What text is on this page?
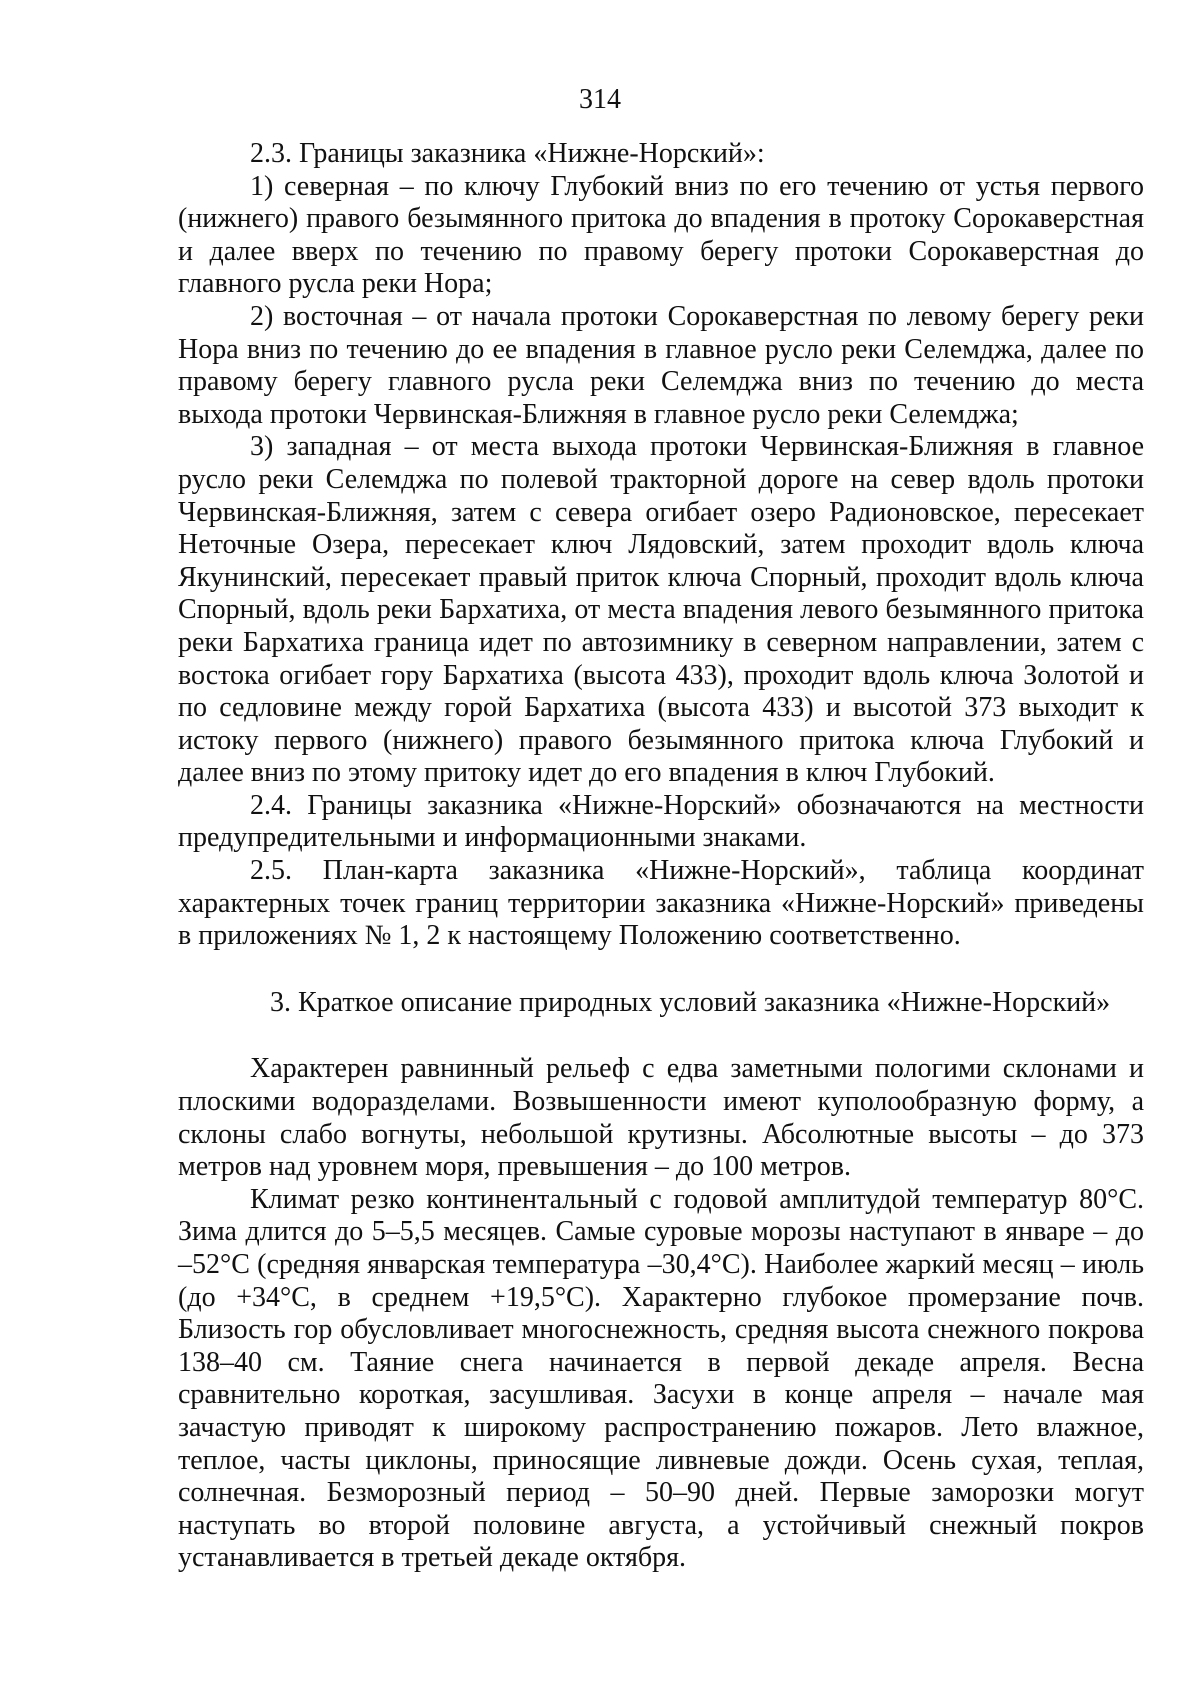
314

2.3. Границы заказника «Нижне-Норский»:

1) северная – по ключу Глубокий вниз по его течению от устья первого (нижнего) правого безымянного притока до впадения в протоку Сорокаверстная и далее вверх по течению по правому берегу протоки Сорокаверстная до главного русла реки Нора;

2) восточная – от начала протоки Сорокаверстная по левому берегу реки Нора вниз по течению до ее впадения в главное русло реки Селемджа, далее по правому берегу главного русла реки Селемджа вниз по течению до места выхода протоки Червинская-Ближняя в главное русло реки Селемджа;

3) западная – от места выхода протоки Червинская-Ближняя в главное русло реки Селемджа по полевой тракторной дороге на север вдоль протоки Червинская-Ближняя, затем с севера огибает озеро Радионовское, пересекает Неточные Озера, пересекает ключ Лядовский, затем проходит вдоль ключа Якунинский, пересекает правый приток ключа Спорный, проходит вдоль ключа Спорный, вдоль реки Бархатиха, от места впадения левого безымянного притока реки Бархатиха граница идет по автозимнику в северном направлении, затем с востока огибает гору Бархатиха (высота 433), проходит вдоль ключа Золотой и по седловине между горой Бархатиха (высота 433) и высотой 373 выходит к истоку первого (нижнего) правого безымянного притока ключа Глубокий и далее вниз по этому притоку идет до его впадения в ключ Глубокий.

2.4. Границы заказника «Нижне-Норский» обозначаются на местности предупредительными и информационными знаками.

2.5. План-карта заказника «Нижне-Норский», таблица координат характерных точек границ территории заказника «Нижне-Норский» приведены в приложениях № 1, 2 к настоящему Положению соответственно.

3. Краткое описание природных условий заказника «Нижне-Норский»

Характерен равнинный рельеф с едва заметными пологими склонами и плоскими водоразделами. Возвышенности имеют куполообразную форму, а склоны слабо вогнуты, небольшой крутизны. Абсолютные высоты – до 373 метров над уровнем моря, превышения – до 100 метров.

Климат резко континентальный с годовой амплитудой температур 80°С. Зима длится до 5–5,5 месяцев. Самые суровые морозы наступают в январе – до –52°С (средняя январская температура –30,4°С). Наиболее жаркий месяц – июль (до +34°С, в среднем +19,5°С). Характерно глубокое промерзание почв. Близость гор обусловливает многоснежность, средняя высота снежного покрова 138–40 см. Таяние снега начинается в первой декаде апреля. Весна сравнительно короткая, засушливая. Засухи в конце апреля – начале мая зачастую приводят к широкому распространению пожаров. Лето влажное, теплое, часты циклоны, приносящие ливневые дожди. Осень сухая, теплая, солнечная. Безморозный период – 50–90 дней. Первые заморозки могут наступать во второй половине августа, а устойчивый снежный покров устанавливается в третьей декаде октября.
